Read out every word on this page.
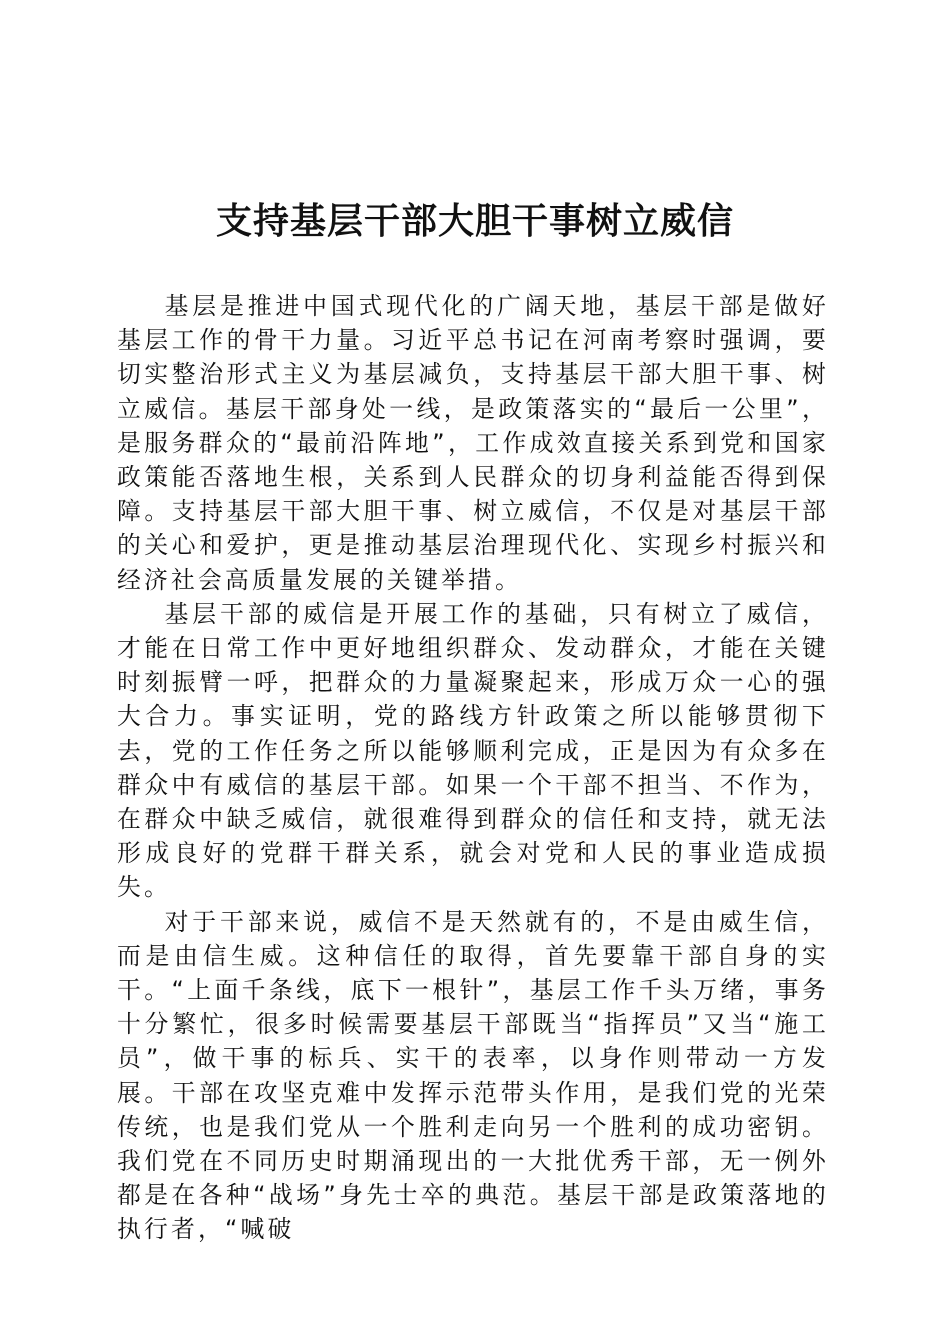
支持基层干部大胆干事树立威信

基层是推进中国式现代化的广阔天地，基层干部是做好基层工作的骨干力量。习近平总书记在河南考察时强调，要切实整治形式主义为基层减负，支持基层干部大胆干事、树立威信。基层干部身处一线，是政策落实的“最后一公里”，是服务群众的“最前沿阵地”，工作成效直接关系到党和国家政策能否落地生根，关系到人民群众的切身利益能否得到保障。支持基层干部大胆干事、树立威信，不仅是对基层干部的关心和爱护，更是推动基层治理现代化、实现乡村振兴和经济社会高质量发展的关键举措。

基层干部的威信是开展工作的基础，只有树立了威信，才能在日常工作中更好地组织群众、发动群众，才能在关键时刻振臂一呼，把群众的力量凝聚起来，形成万众一心的强大合力。事实证明，党的路线方针政策之所以能够贯彻下去，党的工作任务之所以能够顺利完成，正是因为有众多在群众中有威信的基层干部。如果一个干部不担当、不作为，在群众中缺乏威信，就很难得到群众的信任和支持，就无法形成良好的党群干群关系，就会对党和人民的事业造成损失。

对于干部来说，威信不是天然就有的，不是由威生信，而是由信生威。这种信任的取得，首先要靠干部自身的实干。“上面千条线，底下一根针”，基层工作千头万绪，事务十分繁忙，很多时候需要基层干部既当“指挥员”又当“施工员”，做干事的标兵、实干的表率，以身作则带动一方发展。干部在攻坚克难中发挥示范带头作用，是我们党的光荣传统，也是我们党从一个胜利走向另一个胜利的成功密钥。我们党在不同历史时期涌现出的一大批优秀干部，无一例外都是在各种“战场”身先士卒的典范。基层干部是政策落地的执行者，“喊破
